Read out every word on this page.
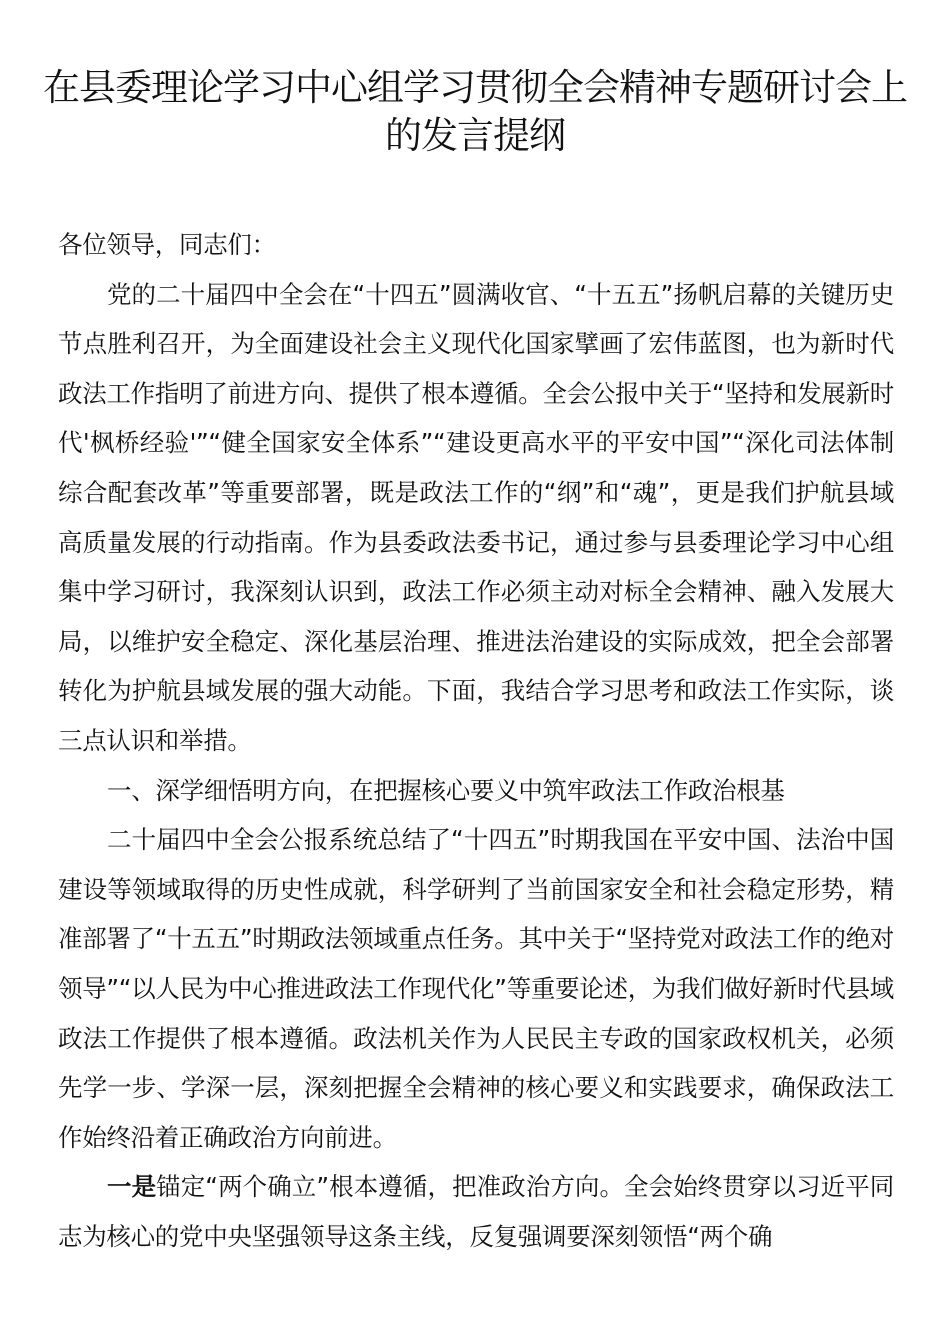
在县委理论学习中心组学习贯彻全会精神专题研讨会上的发言提纲

各位领导，同志们：

党的二十届四中全会在“十四五”圆满收官、“十五五”扬帆启幕的关键历史节点胜利召开，为全面建设社会主义现代化国家擘画了宏伟蓝图，也为新时代政法工作指明了前进方向、提供了根本遵循。全会公报中关于“坚持和发展新时代'枫桥经验'”“健全国家安全体系”“建设更高水平的平安中国”“深化司法体制综合配套改革”等重要部署，既是政法工作的“纲”和“魂”，更是我们护航县域高质量发展的行动指南。作为县委政法委书记，通过参与县委理论学习中心组集中学习研讨，我深刻认识到，政法工作必须主动对标全会精神、融入发展大局，以维护安全稳定、深化基层治理、推进法治建设的实际成效，把全会部署转化为护航县域发展的强大动能。下面，我结合学习思考和政法工作实际，谈三点认识和举措。

一、深学细悟明方向，在把握核心要义中筑牢政法工作政治根基

二十届四中全会公报系统总结了“十四五”时期我国在平安中国、法治中国建设等领域取得的历史性成就，科学研判了当前国家安全和社会稳定形势，精准部署了“十五五”时期政法领域重点任务。其中关于“坚持党对政法工作的绝对领导”“以人民为中心推进政法工作现代化”等重要论述，为我们做好新时代县域政法工作提供了根本遵循。政法机关作为人民民主专政的国家政权机关，必须先学一步、学深一层，深刻把握全会精神的核心要义和实践要求，确保政法工作始终沿着正确政治方向前进。

一是锚定“两个确立”根本遵循，把准政治方向。全会始终贯穿以习近平同志为核心的党中央坚强领导这条主线，反复强调要深刻领悟“两个确
